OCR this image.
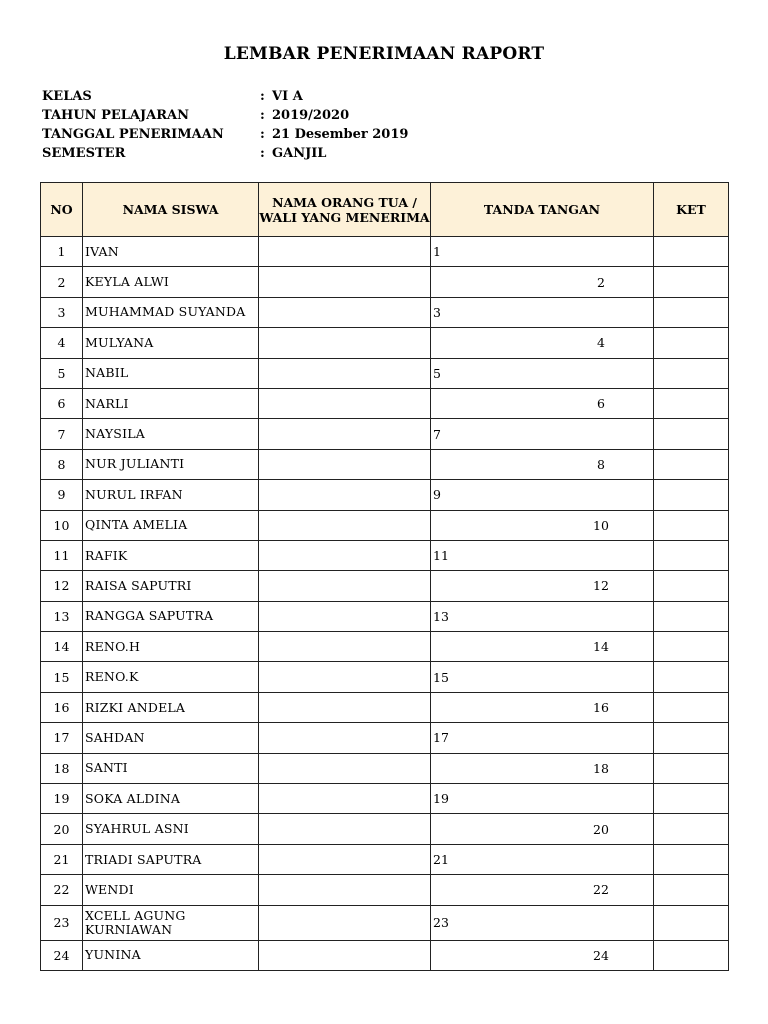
LEMBAR PENERIMAAN RAPORT
KELAS	: VI A
TAHUN PELAJARAN	: 2019/2020
TANGGAL PENERIMAAN	: 21 Desember 2019
SEMESTER	: GANJIL
NO	NAMA SISWA	NAMA ORANG TUA /
WALI YANG MENERIMA	TANDA TANGAN	KET
1	IVAN		1	
2	KEYLA ALWI		2	
3	MUHAMMAD SUYANDA		3	
4	MULYANA		4	
5	NABIL		5	
6	NARLI		6	
7	NAYSILA		7	
8	NUR JULIANTI		8	
9	NURUL IRFAN		9	
10	QINTA AMELIA		10	
11	RAFIK		11	
12	RAISA SAPUTRI		12	
13	RANGGA SAPUTRA		13	
14	RENO.H		14	
15	RENO.K		15	
16	RIZKI ANDELA		16	
17	SAHDAN		17	
18	SANTI		18	
19	SOKA ALDINA		19	
20	SYAHRUL ASNI		20	
21	TRIADI SAPUTRA		21	
22	WENDI		22	
23	XCELL AGUNG
KURNIAWAN		23	
24	YUNINA		24	
